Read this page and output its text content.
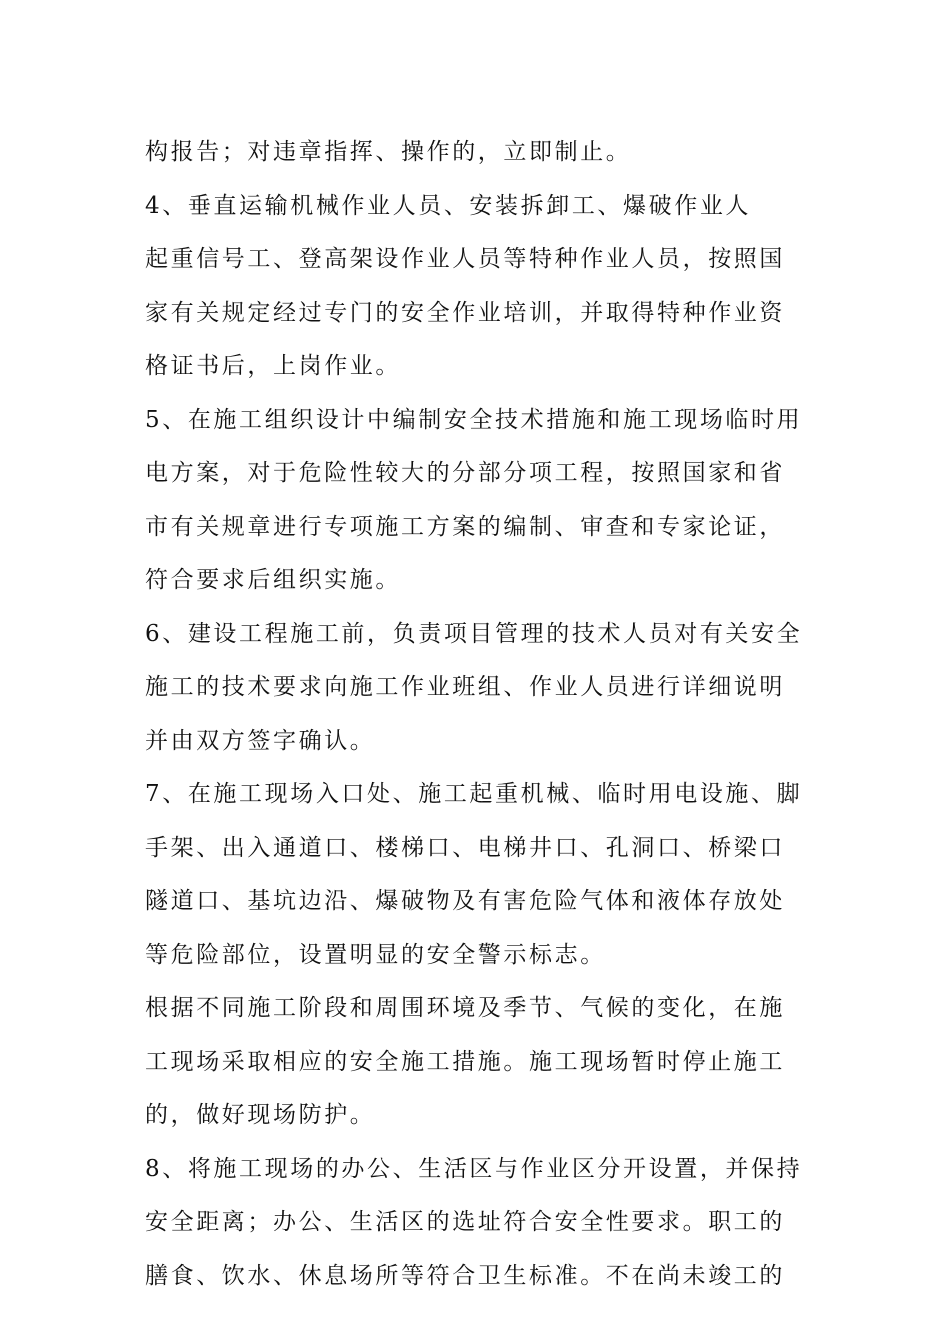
构报告；对违章指挥、操作的，立即制止。
4、垂直运输机械作业人员、安装拆卸工、爆破作业人
起重信号工、登高架设作业人员等特种作业人员，按照国
家有关规定经过专门的安全作业培训，并取得特种作业资
格证书后，上岗作业。
5、在施工组织设计中编制安全技术措施和施工现场临时用
电方案，对于危险性较大的分部分项工程，按照国家和省
市有关规章进行专项施工方案的编制、审查和专家论证，
符合要求后组织实施。
6、建设工程施工前，负责项目管理的技术人员对有关安全
施工的技术要求向施工作业班组、作业人员进行详细说明
并由双方签字确认。
7、在施工现场入口处、施工起重机械、临时用电设施、脚
手架、出入通道口、楼梯口、电梯井口、孔洞口、桥梁口
隧道口、基坑边沿、爆破物及有害危险气体和液体存放处
等危险部位，设置明显的安全警示标志。
根据不同施工阶段和周围环境及季节、气候的变化，在施
工现场采取相应的安全施工措施。施工现场暂时停止施工
的，做好现场防护。
8、将施工现场的办公、生活区与作业区分开设置，并保持
安全距离；办公、生活区的选址符合安全性要求。职工的
膳食、饮水、休息场所等符合卫生标准。不在尚未竣工的
